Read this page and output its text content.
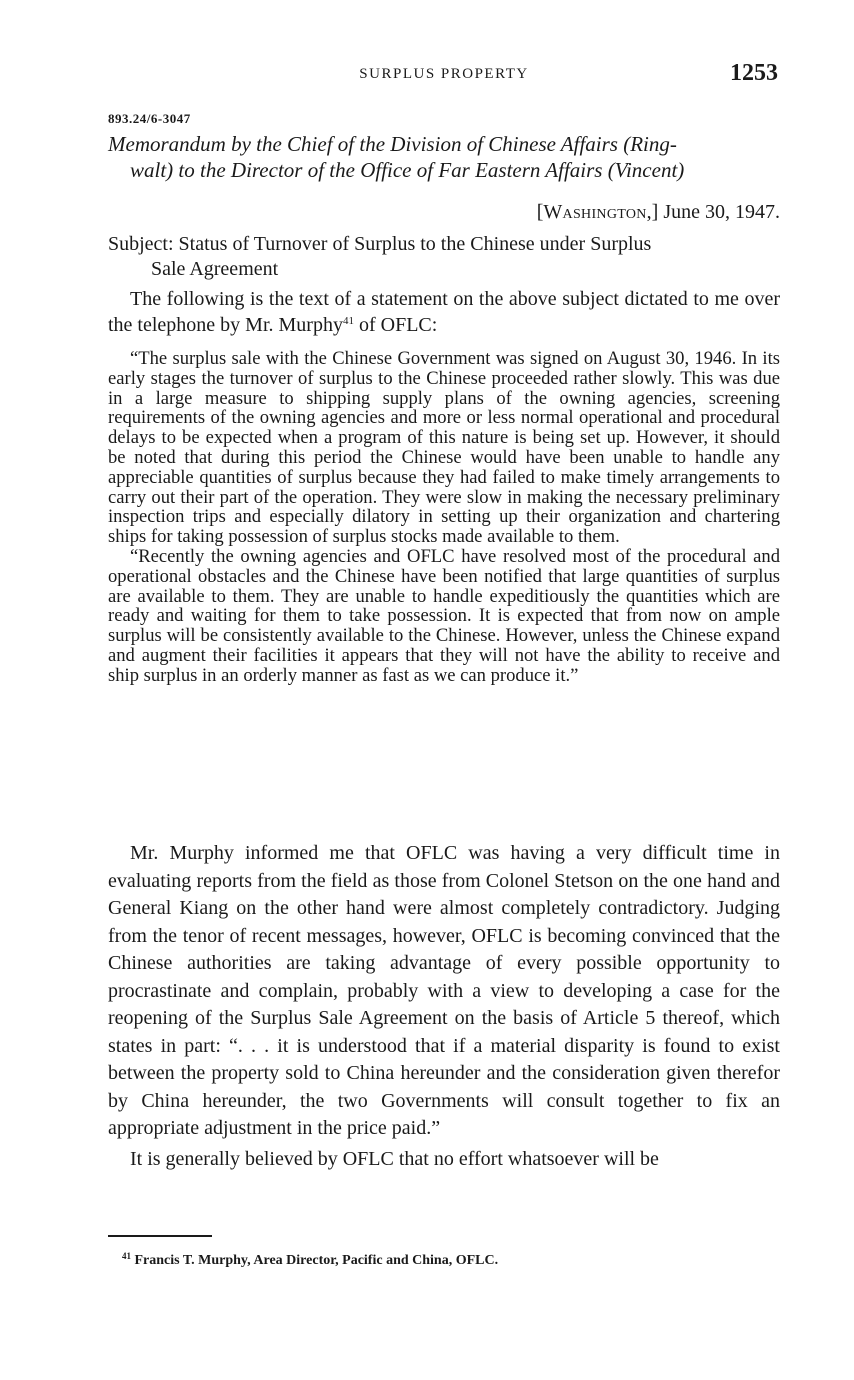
SURPLUS PROPERTY	1253
893.24/6-3047
Memorandum by the Chief of the Division of Chinese Affairs (Ring-
walt) to the Director of the Office of Far Eastern Affairs (Vincent)
[Washington,] June 30, 1947.
Subject: Status of Turnover of Surplus to the Chinese under Surplus
Sale Agreement

The following is the text of a statement on the above subject dictated to me over the telephone by Mr. Murphy$^{41}$ of OFLC:

“The surplus sale with the Chinese Government was signed on August 30, 1946. In its early stages the turnover of surplus to the Chinese proceeded rather slowly. This was due in a large measure to shipping supply plans of the owning agencies, screening requirements of the owning agencies and more or less normal operational and procedural delays to be expected when a program of this nature is being set up. However, it should be noted that during this period the Chinese would have been unable to handle any appreciable quantities of surplus because they had failed to make timely arrangements to carry out their part of the operation. They were slow in making the necessary preliminary inspection trips and especially dilatory in setting up their organization and chartering ships for taking possession of surplus stocks made available to them.

“Recently the owning agencies and OFLC have resolved most of the procedural and operational obstacles and the Chinese have been notified that large quantities of surplus are available to them. They are unable to handle expeditiously the quantities which are ready and waiting for them to take possession. It is expected that from now on ample surplus will be consistently available to the Chinese. However, unless the Chinese expand and augment their facilities it appears that they will not have the ability to receive and ship surplus in an orderly manner as fast as we can produce it.”

Mr. Murphy informed me that OFLC was having a very difficult time in evaluating reports from the field as those from Colonel Stetson on the one hand and General Kiang on the other hand were almost completely contradictory. Judging from the tenor of recent messages, however, OFLC is becoming convinced that the Chinese authorities are taking advantage of every possible opportunity to procrastinate and complain, probably with a view to developing a case for the reopening of the Surplus Sale Agreement on the basis of Article 5 thereof, which states in part: “. . . it is understood that if a material disparity is found to exist between the property sold to China hereunder and the consideration given therefor by China hereunder, the two Governments will consult together to fix an appropriate adjustment in the price paid.”

It is generally believed by OFLC that no effort whatsoever will be

$^{41}$ Francis T. Murphy, Area Director, Pacific and China, OFLC.
